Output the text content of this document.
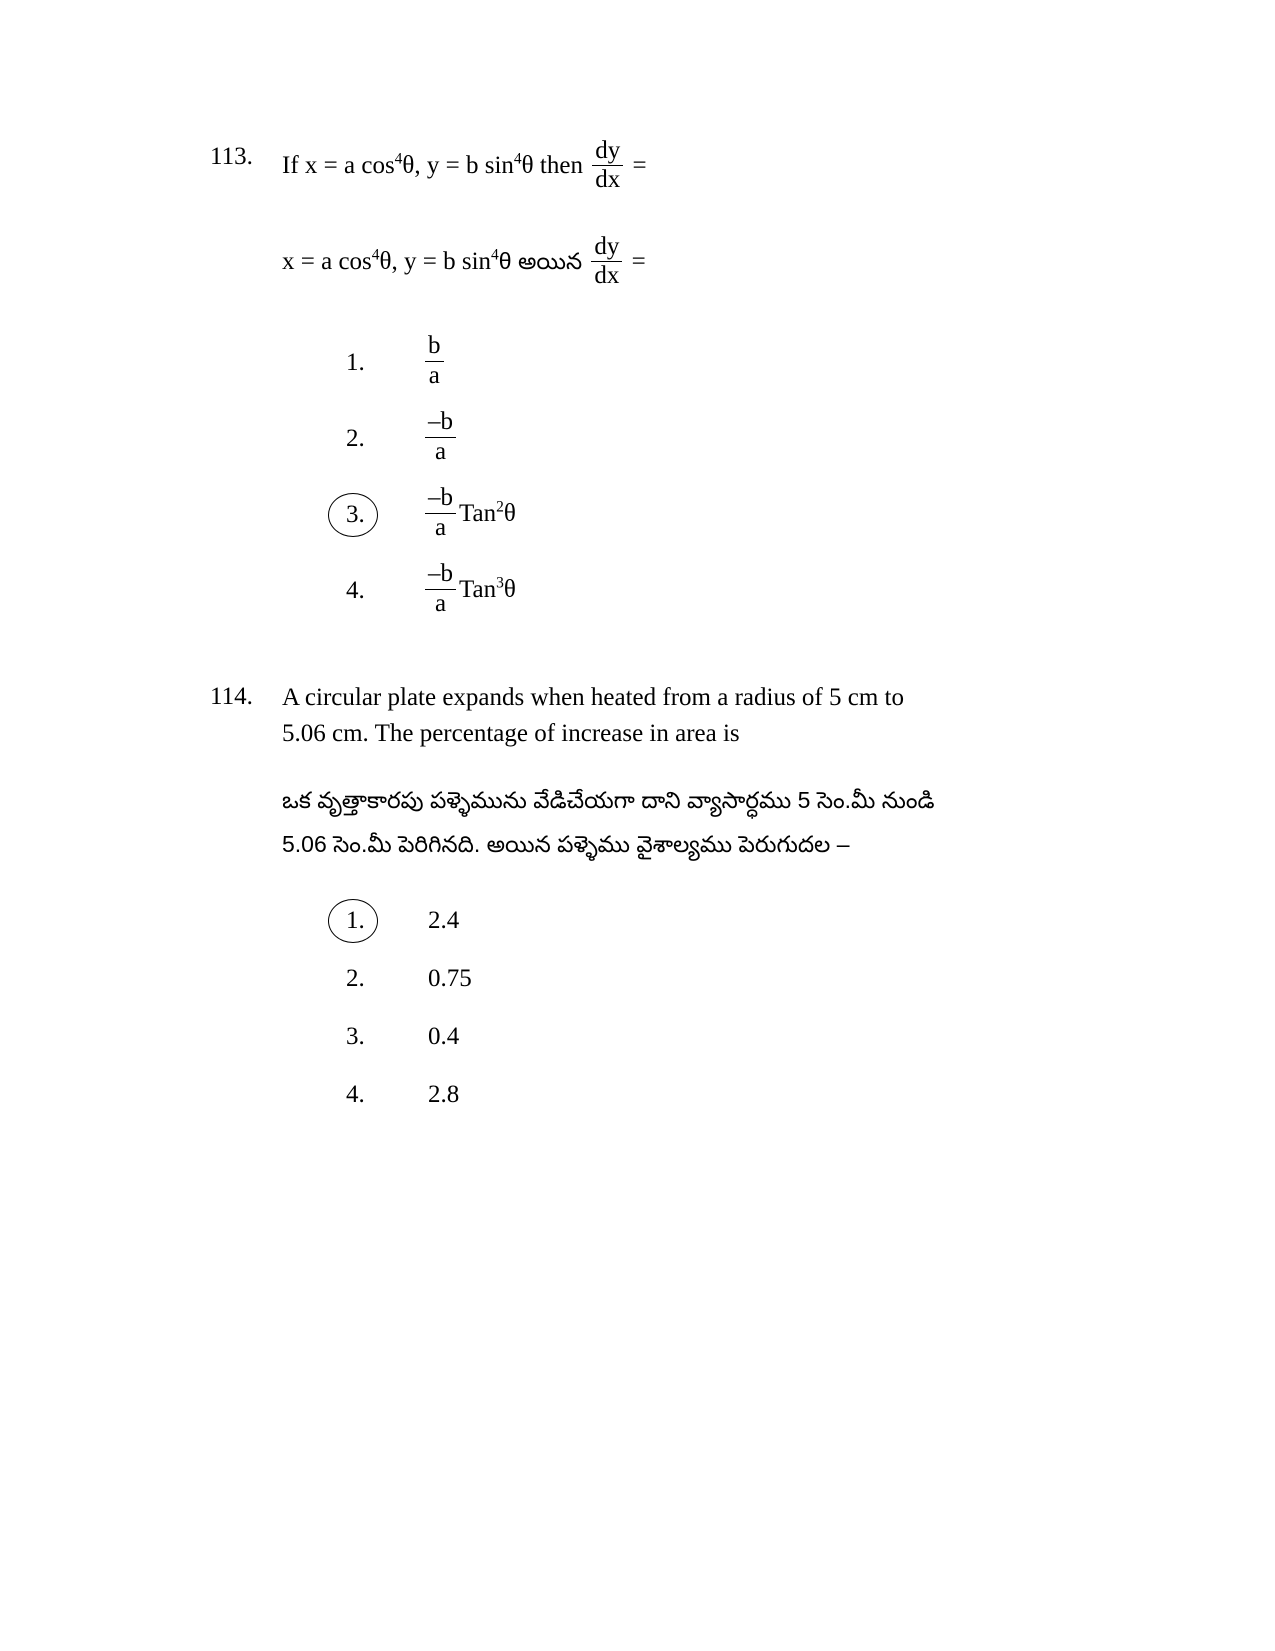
113.	If x = a $\cos^4\theta$, y = b $\sin^4\theta$ then $\frac{dy}{dx}$ =
x = a $\cos^4\theta$, y = b $\sin^4\theta$ అయిన $\frac{dy}{dx}$ =
1.	$\frac{b}{a}$
2.	$\frac{-b}{a}$
3.	$\frac{-b}{a} Tan^2\theta$
4.	$\frac{-b}{a} Tan^3\theta$
114.	A circular plate expands when heated from a radius of 5 cm to
5.06 cm. The percentage of increase in area is
ఒక వృత్తాకారపు పళ్ళెమును వేడిచేయగా దాని వ్యాసార్ధము 5 సెం.మీ నుండి
5.06 సెం.మీ పెరిగినది. అయిన పళ్ళెము వైశాల్యము పెరుగుదల –
1.	2.4
2.	0.75
3.	0.4
4.	2.8
